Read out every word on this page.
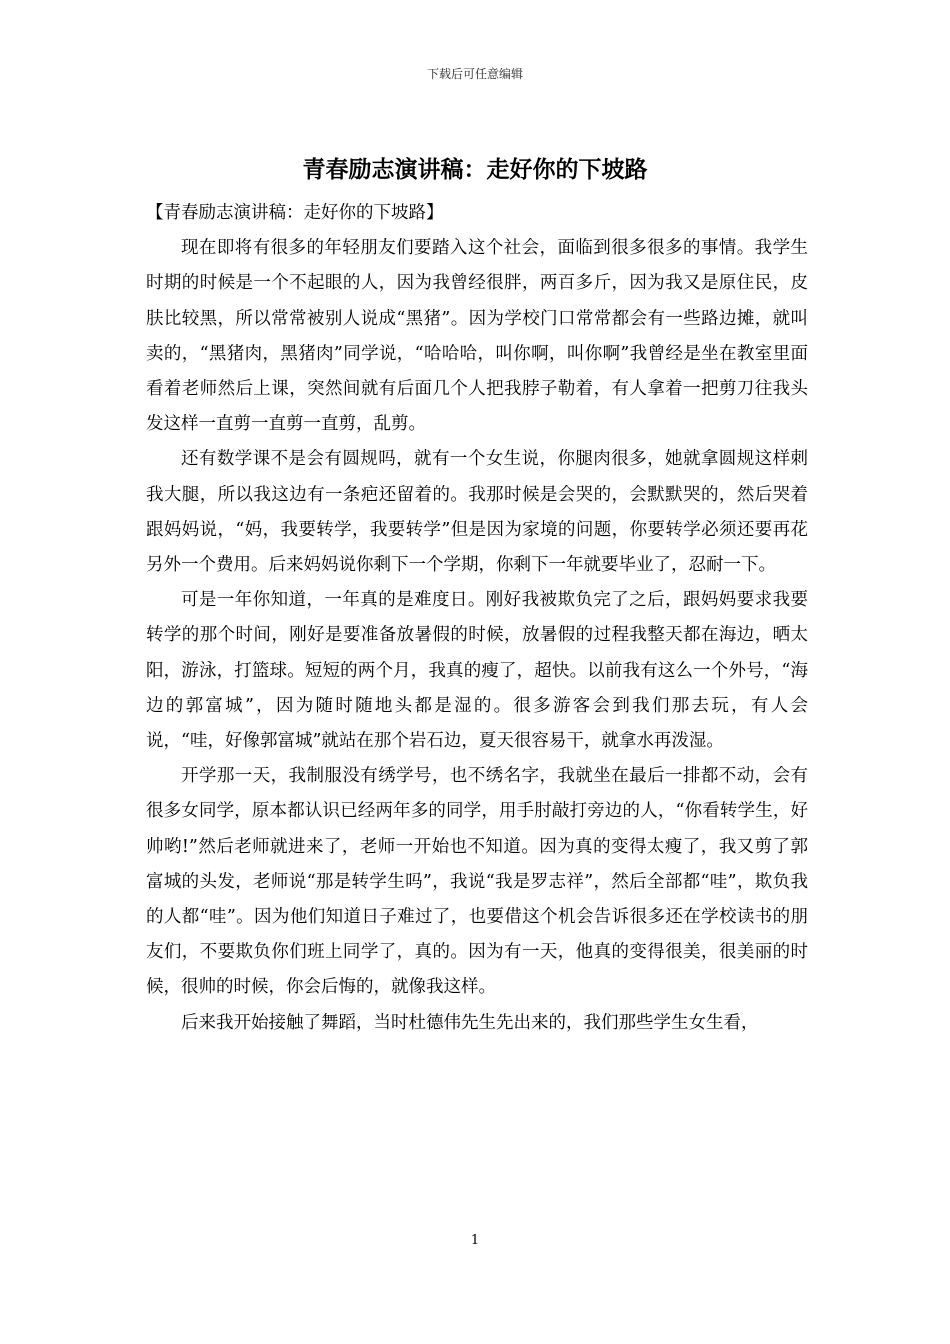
下载后可任意编辑
青春励志演讲稿：走好你的下坡路

【青春励志演讲稿：走好你的下坡路】

现在即将有很多的年轻朋友们要踏入这个社会，面临到很多很多的事情。我学生时期的时候是一个不起眼的人，因为我曾经很胖，两百多斤，因为我又是原住民，皮肤比较黑，所以常常被别人说成“黑猪”。因为学校门口常常都会有一些路边摊，就叫卖的，“黑猪肉，黑猪肉”同学说，“哈哈哈，叫你啊，叫你啊”我曾经是坐在教室里面看着老师然后上课，突然间就有后面几个人把我脖子勒着，有人拿着一把剪刀往我头发这样一直剪一直剪一直剪，乱剪。

还有数学课不是会有圆规吗，就有一个女生说，你腿肉很多，她就拿圆规这样刺我大腿，所以我这边有一条疤还留着的。我那时候是会哭的，会默默哭的，然后哭着跟妈妈说，“妈，我要转学，我要转学”但是因为家境的问题，你要转学必须还要再花另外一个费用。后来妈妈说你剩下一个学期，你剩下一年就要毕业了，忍耐一下。

可是一年你知道，一年真的是难度日。刚好我被欺负完了之后，跟妈妈要求我要转学的那个时间，刚好是要准备放暑假的时候，放暑假的过程我整天都在海边，晒太阳，游泳，打篮球。短短的两个月，我真的瘦了，超快。以前我有这么一个外号，“海边的郭富城”，因为随时随地头都是湿的。很多游客会到我们那去玩，有人会说，“哇，好像郭富城”就站在那个岩石边，夏天很容易干，就拿水再泼湿。

开学那一天，我制服没有绣学号，也不绣名字，我就坐在最后一排都不动，会有很多女同学，原本都认识已经两年多的同学，用手肘敲打旁边的人，“你看转学生，好帅哟!”然后老师就进来了，老师一开始也不知道。因为真的变得太瘦了，我又剪了郭富城的头发，老师说“那是转学生吗”，我说“我是罗志祥”，然后全部都“哇”，欺负我的人都“哇”。因为他们知道日子难过了，也要借这个机会告诉很多还在学校读书的朋友们，不要欺负你们班上同学了，真的。因为有一天，他真的变得很美，很美丽的时候，很帅的时候，你会后悔的，就像我这样。

后来我开始接触了舞蹈，当时杜德伟先生先出来的，我们那些学生女生看，

1
